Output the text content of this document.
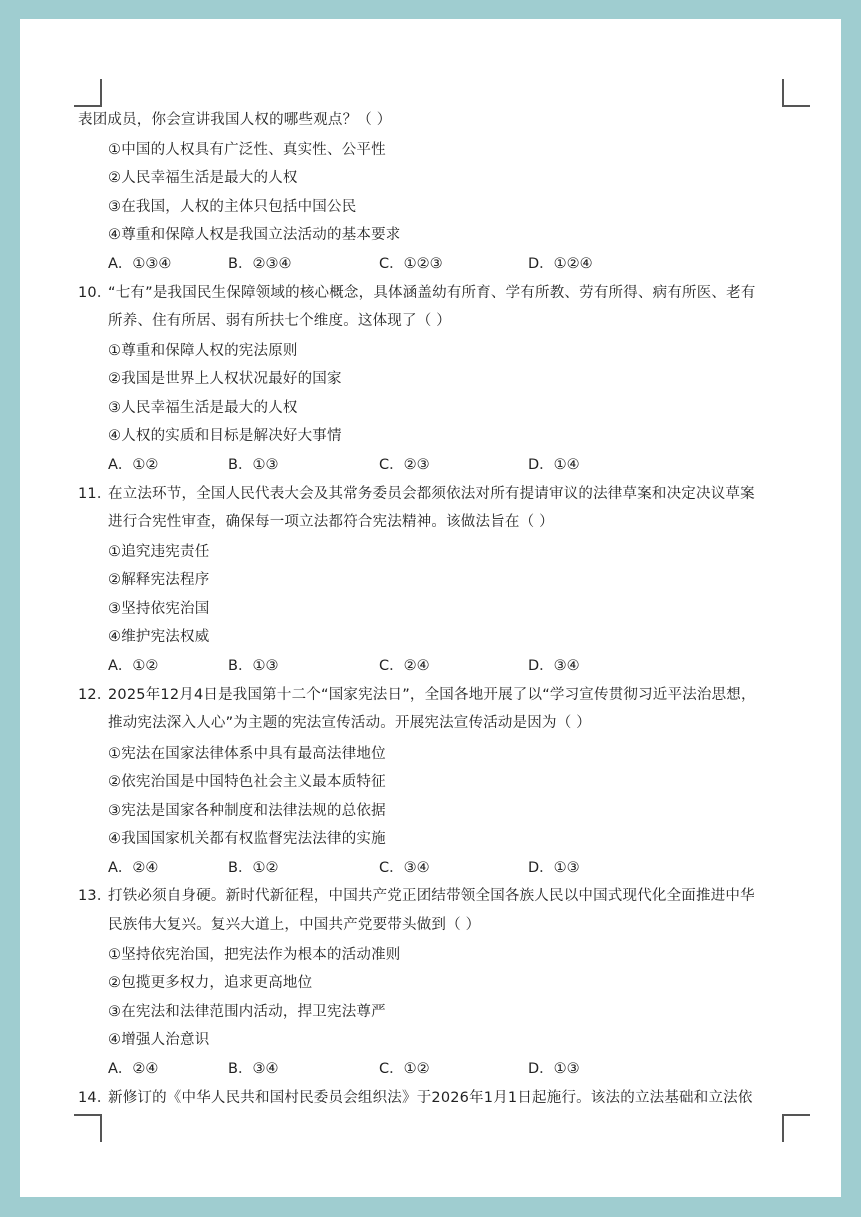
表团成员，你会宣讲我国人权的哪些观点？（ ）
①中国的人权具有广泛性、真实性、公平性
②人民幸福生活是最大的人权
③在我国，人权的主体只包括中国公民
④尊重和保障人权是我国立法活动的基本要求
A．①③④	B．②③④	C．①②③	D．①②④
10．“七有”是我国民生保障领域的核心概念，具体涵盖幼有所育、学有所教、劳有所得、病有所医、老有
所养、住有所居、弱有所扶七个维度。这体现了（ ）
①尊重和保障人权的宪法原则
②我国是世界上人权状况最好的国家
③人民幸福生活是最大的人权
④人权的实质和目标是解决好大事情
A．①②	B．①③	C．②③	D．①④
11．在立法环节，全国人民代表大会及其常务委员会都须依法对所有提请审议的法律草案和决定决议草案
进行合宪性审查，确保每一项立法都符合宪法精神。该做法旨在（ ）
①追究违宪责任
②解释宪法程序
③坚持依宪治国
④维护宪法权威
A．①②	B．①③	C．②④	D．③④
12．2025年12月4日是我国第十二个“国家宪法日”，全国各地开展了以“学习宣传贯彻习近平法治思想，
推动宪法深入人心”为主题的宪法宣传活动。开展宪法宣传活动是因为（ ）
①宪法在国家法律体系中具有最高法律地位
②依宪治国是中国特色社会主义最本质特征
③宪法是国家各种制度和法律法规的总依据
④我国国家机关都有权监督宪法法律的实施
A．②④	B．①②	C．③④	D．①③
13．打铁必须自身硬。新时代新征程，中国共产党正团结带领全国各族人民以中国式现代化全面推进中华
民族伟大复兴。复兴大道上，中国共产党要带头做到（ ）
①坚持依宪治国，把宪法作为根本的活动准则
②包揽更多权力，追求更高地位
③在宪法和法律范围内活动，捍卫宪法尊严
④增强人治意识
A．②④	B．③④	C．①②	D．①③
14．新修订的《中华人民共和国村民委员会组织法》于2026年1月1日起施行。该法的立法基础和立法依
